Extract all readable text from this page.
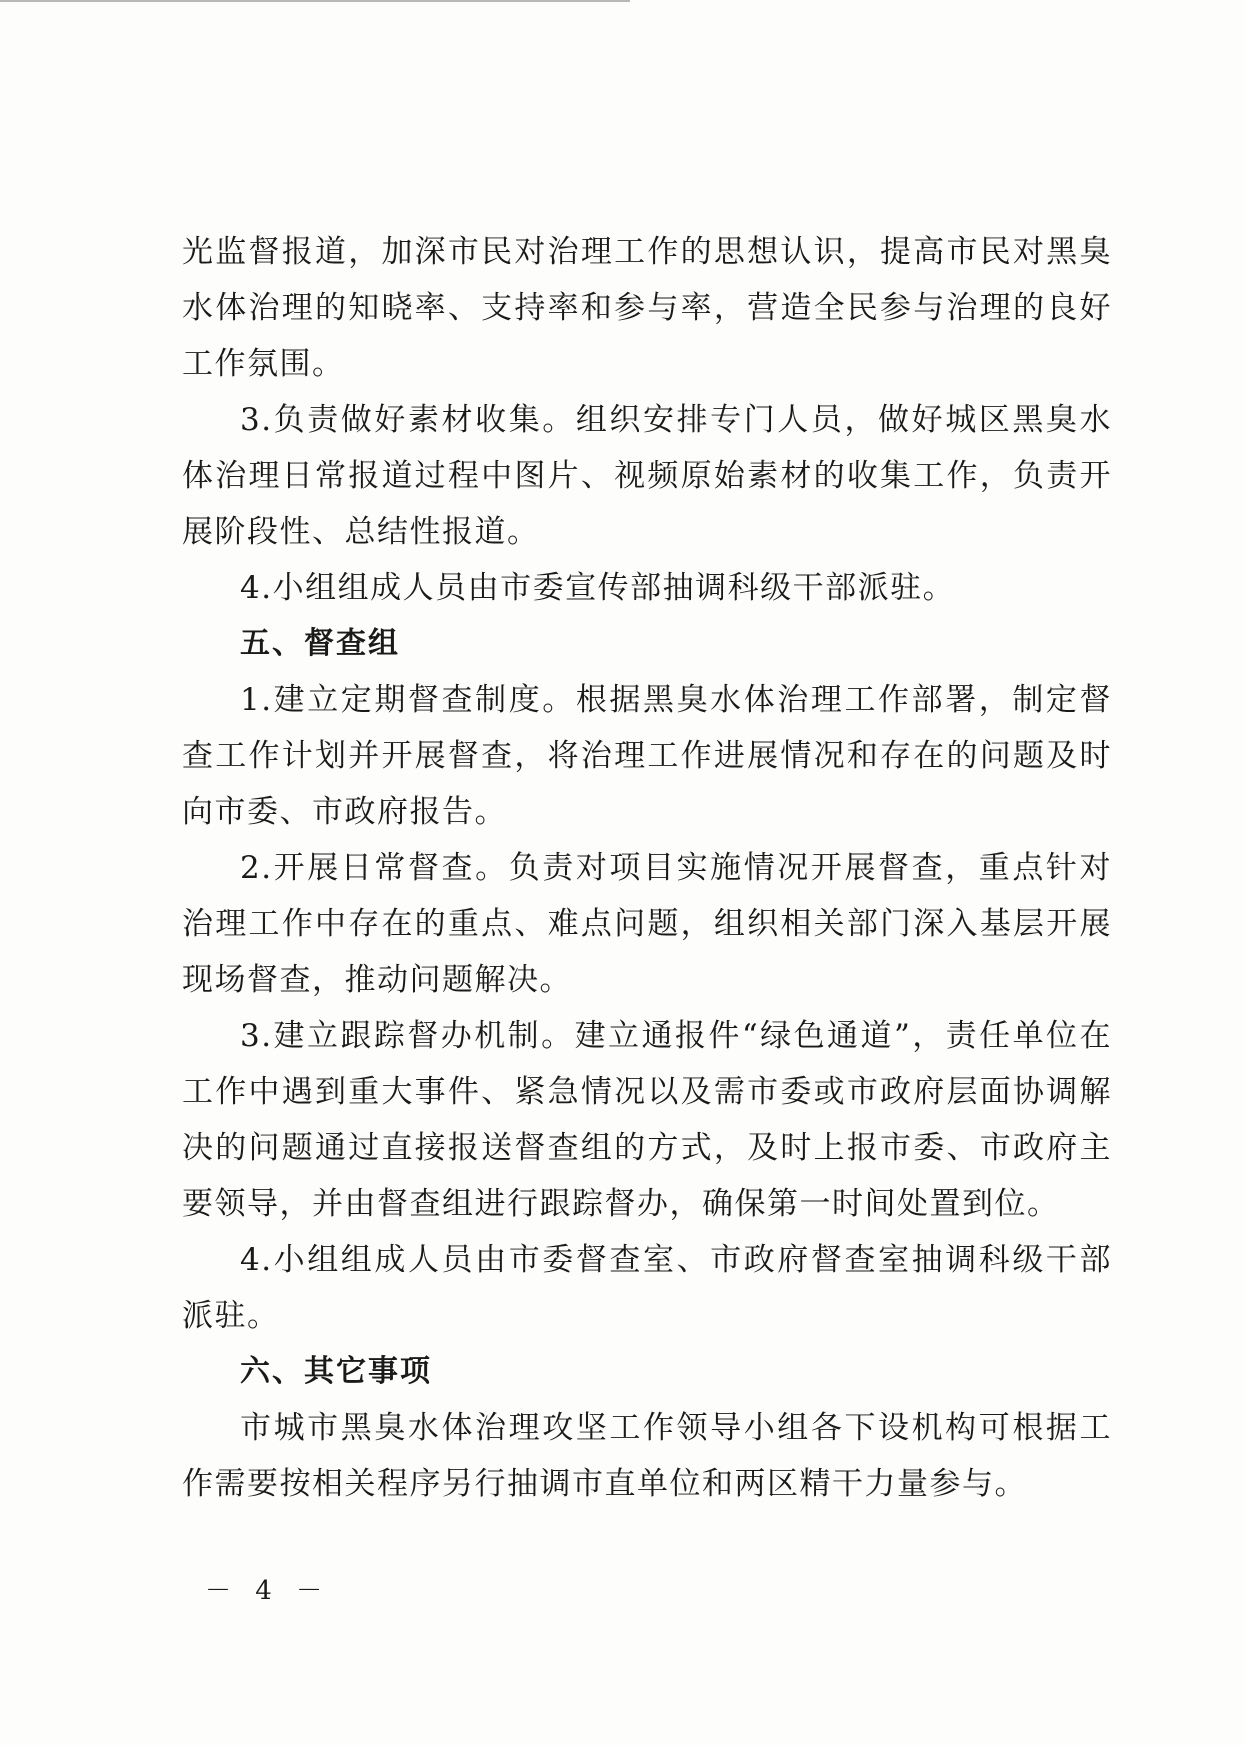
光监督报道，加深市民对治理工作的思想认识，提高市民对黑臭水体治理的知晓率、支持率和参与率，营造全民参与治理的良好工作氛围。

3.负责做好素材收集。组织安排专门人员，做好城区黑臭水体治理日常报道过程中图片、视频原始素材的收集工作，负责开展阶段性、总结性报道。

4.小组组成人员由市委宣传部抽调科级干部派驻。

五、督查组

1.建立定期督查制度。根据黑臭水体治理工作部署，制定督查工作计划并开展督查，将治理工作进展情况和存在的问题及时向市委、市政府报告。

2.开展日常督查。负责对项目实施情况开展督查，重点针对治理工作中存在的重点、难点问题，组织相关部门深入基层开展现场督查，推动问题解决。

3.建立跟踪督办机制。建立通报件“绿色通道”，责任单位在工作中遇到重大事件、紧急情况以及需市委或市政府层面协调解决的问题通过直接报送督查组的方式，及时上报市委、市政府主要领导，并由督查组进行跟踪督办，确保第一时间处置到位。

4.小组组成人员由市委督查室、市政府督查室抽调科级干部派驻。

六、其它事项

市城市黑臭水体治理攻坚工作领导小组各下设机构可根据工作需要按相关程序另行抽调市直单位和两区精干力量参与。

－ 4 －
